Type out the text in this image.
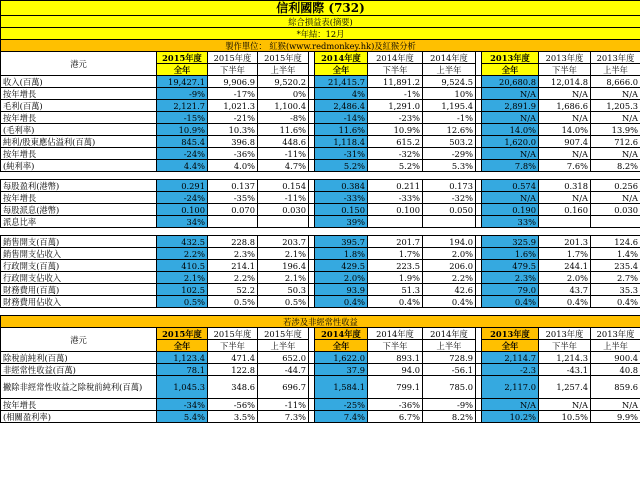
信利國際 (732)											
綜合損益表(摘要)											
*年結：12月											
製作單位： 紅猴(www.redmonkey.hk)及紅猴分析											
港元	2015年度	2015年度	2015年度		2014年度	2014年度	2014年度		2013年度	2013年度	2013年度
	全年	下半年	上半年		全年	下半年	上半年		全年	下半年	上半年
收入(百萬)	19,427.1	9,906.9	9,520.2		21,415.7	11,891.2	9,524.5		20,680.8	12,014.8	8,666.0
按年增長	-9%	-17%	0%		4%	-1%	10%		N/A	N/A	N/A
毛利(百萬)	2,121.7	1,021.3	1,100.4		2,486.4	1,291.0	1,195.4		2,891.9	1,686.6	1,205.3
按年增長	-15%	-21%	-8%		-14%	-23%	-1%		N/A	N/A	N/A
(毛利率)	10.9%	10.3%	11.6%		11.6%	10.9%	12.6%		14.0%	14.0%	13.9%
純利/股東應佔溢利(百萬)	845.4	396.8	448.6		1,118.4	615.2	503.2		1,620.0	907.4	712.6
按年增長	-24%	-36%	-11%		-31%	-32%	-29%		N/A	N/A	N/A
(純利率)	4.4%	4.0%	4.7%		5.2%	5.2%	5.3%		7.8%	7.6%	8.2%

每股盈利(港幣)	0.291	0.137	0.154		0.384	0.211	0.173		0.574	0.318	0.256
按年增長	-24%	-35%	-11%		-33%	-33%	-32%		N/A	N/A	N/A
每股派息(港幣)	0.100	0.070	0.030		0.150	0.100	0.050		0.190	0.160	0.030
派息比率	34%				39%				33%		

銷售開支(百萬)	432.5	228.8	203.7		395.7	201.7	194.0		325.9	201.3	124.6
銷售開支佔收入	2.2%	2.3%	2.1%		1.8%	1.7%	2.0%		1.6%	1.7%	1.4%
行政開支(百萬)	410.5	214.1	196.4		429.5	223.5	206.0		479.5	244.1	235.4
行政開支佔收入	2.1%	2.2%	2.1%		2.0%	1.9%	2.2%		2.3%	2.0%	2.7%
財務費用(百萬)	102.5	52.2	50.3		93.9	51.3	42.6		79.0	43.7	35.3
財務費用佔收入	0.5%	0.5%	0.5%		0.4%	0.4%	0.4%		0.4%	0.4%	0.4%

若涉及非經常性收益											
港元	2015年度	2015年度	2015年度		2014年度	2014年度	2014年度		2013年度	2013年度	2013年度
	全年	下半年	上半年		全年	下半年	上半年		全年	下半年	上半年
除稅前純利(百萬)	1,123.4	471.4	652.0		1,622.0	893.1	728.9		2,114.7	1,214.3	900.4
非經常性收益(百萬)	78.1	122.8	-44.7		37.9	94.0	-56.1		-2.3	-43.1	40.8
撇除非經常性收益之除稅前純利(百萬)	1,045.3	348.6	696.7		1,584.1	799.1	785.0		2,117.0	1,257.4	859.6
按年增長	-34%	-56%	-11%		-25%	-36%	-9%		N/A	N/A	N/A
(相關盈利率)	5.4%	3.5%	7.3%		7.4%	6.7%	8.2%		10.2%	10.5%	9.9%
